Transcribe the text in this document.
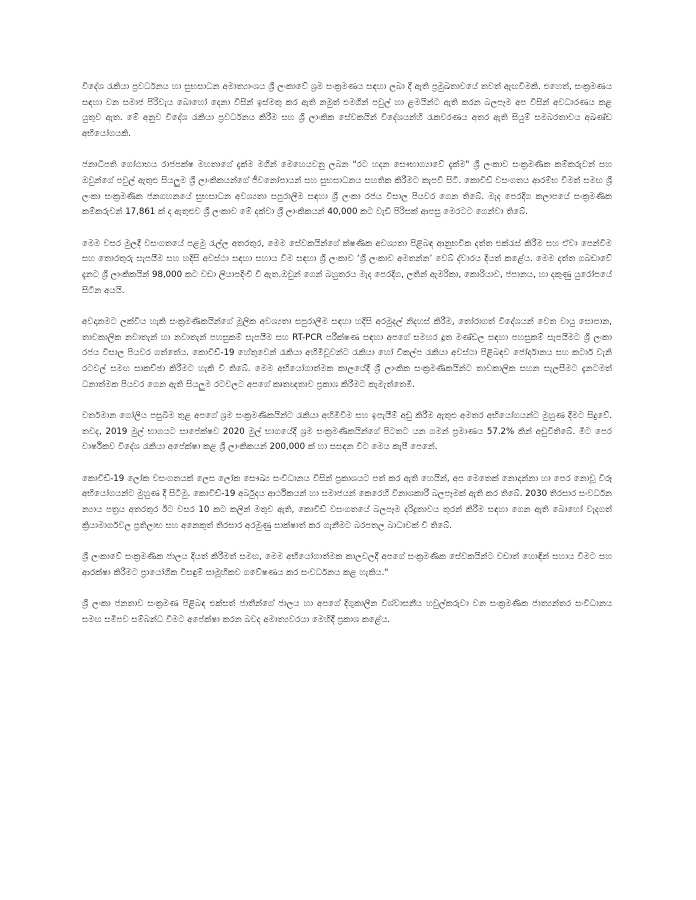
විදේශ රැකියා ප්‍රවර්ධනය හා සුභසාධන අමාත්‍යාංශය ශ්‍රී ලංකාවේ ශ්‍රම සංක්‍රමණය සඳහා ලබා දී ඇති ප්‍රමුඛතාවයේ තවත් ඇඟවීමකි. එහෙත්, සංක්‍රමණය සඳහා වන සමාජ පිරිවැය බොහෝ දෙනා විසින් ඉස්මතු කර ඇති නමුත් එමගින් පවුල් හා ළමයින්ට ඇති කරන බලපෑම අප විසින් අවධාරණය කළ යුතුව ඇත. මේ අනුව විදේශ රැකියා ප්‍රවර්ධනය කිරීම සහ ශ්‍රී ලාංකික සේවකයින් විදේශයන්හි රැකවරණය අතර ඇති සියුම් සමබරතාවය අඛණ්ඩ අභියෝගයකි.

ජනාධිපති ගෝඨාභය රාජපක්ෂ මහතාගේ දැක්ම මගින් මෙහෙයවනු ලබන "රට හදන සෞභාග්‍යාවේ දැක්ම" ශ්‍රී ලංකාව සංක්‍රමණික කම්කරුවන් සහ ඔවුන්ගේ පවුල් ඇතුළු සියලුම ශ්‍රී ලාංකිකයන්ගේ ජීවනෝපායන් සහ සුභසාධනය සහතික කිරීමට කැපවී සිටී. කොවිඩ් වසංගතය ආරම්භ වීමත් සමඟ ශ්‍රී ලංකා සංක්‍රමණික ජනගහනයේ සුභසාධන අවශ්‍යතා සපුරාලීම සඳහා ශ්‍රී ලංකා රජය විසාල පියවර ගෙන තිබේ. මැද පෙරදිග කලාපයේ සංක්‍රමණික කම්කරුවන් 17,861 ක් ද ඇතුළුව ශ්‍රී ලංකාව මේ දක්වා ශ්‍රී ලාංකිකයන් 40,000 කට වැඩි පිරිසක් ආපසු මෙරටට ගෙන්වා තිබේ.

මෙම වසර මුලදී වසංගතයේ පළමු රැල්ල අතරතුර, මෙම සේවකයින්ගේ ක්ෂණික අවශ්‍යතා පිළිබඳ ආනුභවික දත්ත එක්රැස් කිරීම සහ ඒවා පෙන්වීම සහ තොරතුරු සැපයීම සහ හදිසි අවස්ථා සඳහා සහාය වීම සඳහා ශ්‍රී ලංකාව ‘ශ්‍රී ලංකාව අමතන්න’ වෙබ් ද්වාරය දියත් කළේය. මෙම දත්ත ගබඩාවේ දැනට ශ්‍රී ලාංකිකයින් 98,000 කට වඩා ලියාපදිංචි වී ඇත.ඔවුන් ගෙන් බහුතරය මැද පෙරදිග, ලතින් ඇමරිකා, කොරියාව, ජපානය, හා දකුණු යුරෝපයේ සිටින අයයි.

අවදානමට ලක්විය හැකි සංක්‍රමණිකයින්ගේ මූලික අවශ්‍යතා සපුරාලීම සඳහා හදිසි අරමුදල් නිදහස් කිරීම, තෝරාගත් විදේශයන් වෙත වායු සොපාන, තාවකාලික නවාතැන් හා නවාතැන් පහසුකම් සැපයීම සහ RT-PCR පරීක්ෂණ සඳහා අපගේ සමහර දූත මණ්ඩල සඳහා පහසුකම් සැපයීමට ශ්‍රී ලංකා රජය විසාල පියවර ගත්තේය. කොවිඩ්-19 හේතුවෙන් රැකියා අහිමිවූවන්ට රැකියා හෝ විකල්ප රැකියා අවස්ථා පිළිබඳව ජෝර්දානය සහ කටාර් වැනි රටවල් සමඟ සාකච්ඡා කිරීමට හැකි වී තිබේ. මෙම අභියෝගාත්මක කාලයේදී ශ්‍රී ලාංකික සංක්‍රමණිකයින්ට තාවකාලික සහන සැලසීමට දැනටමත් ධනාත්මක පියවර ගෙන ඇති සියලුම රටවලට අපගේ කෘතඥතාව ප්‍රකාශ කිරීමට කැමැත්තෙමි.

වර්තමාන ගෝලීය පසුබිම තුළ අපගේ ශ්‍රම සංක්‍රමණිකයින්ට රැකියා අහිමිවීම සහ ඉපැයීම් අඩු කිරීම ඇතුළු අමතර අභියෝගයන්ට මුහුණ දීමට සිදුවේ. තවද, 2019 මුල් භාගයට සාපේක්ෂව 2020 මුල් භාගයේදී ශ්‍රම සංක්‍රමණිකයින්ගේ පිටතට යන ගමන් ප්‍රමාණය 57.2% කින් අඩුවීතිබේ. මීට පෙර වාර්ෂිකව විදේශ රැකියා අපේක්ෂා කළ ශ්‍රී ලාංකිකයන් 200,000 ක් හා සසඳන විට මෙය කැපී පෙනේ.

කොවිඩ්-19 ලෝක වසංගතයක් ලෙස ලෝක සෞඛ්‍ය සංවිධානය විසින් ප්‍රකාශයට පත් කර ඇති හෙයින්, අප මෙතෙක් නොදන්නා හා පෙර නොවූ විරූ අභියෝගයන්ට මුහුණ දී සිටිමු. කොවිඩ්-19 අර්බුදය ආර්ථිකයන් හා සමාජයන් කෙරෙහි විනාශකාරී බලපෑමක් ඇති කර තිබේ. 2030 තිරසාර සංවර්ධන න්‍යාය පත්‍රය අතරතුර ඊට වසර 10 කට කලින් මතුව ඇති, කොවිඩ් වසංගතයේ බලපෑම දරිද්‍රතාවය තුරන් කිරීම සඳහා ගෙන ඇති බොහෝ වැදගත් ක්‍රියාමාර්ගවල ප්‍රතිලාභ සහ අනෙකුත් තිරසාර අරමුණු සාක්ෂාත් කර ගැනීමට බරපතල බාධාවක් වී තිබේ.

ශ්‍රී ලංකාවේ සංක්‍රමණික ජාලය දියත් කිරීමත් සමඟ, මෙම අභියෝගාත්මක කාලවලදී අපගේ සංක්‍රමණික සේවකයින්ට වඩාත් හොඳින් සහාය වීමට සහ ආරක්ෂා කිරීමට ප්‍රායෝගික විසඳුම් සාමූහිකව ගවේෂණය කර සංවර්ධනය කළ හැකිය."

ශ්‍රී ලංකා ජනතාව සංක්‍රමණ පිළිබඳ එක්සත් ජාතීන්ගේ ජාලය හා අපගේ දිගුකාලීන විශ්වාසනීය හවුල්කරුවා වන සංක්‍රමණික ජාත්‍යන්තර සංවිධානය සමඟ සමීපව සම්බන්ධ වීමට අපේක්ෂා කරන බවද අමාත්‍යවරයා මෙහිදී ප්‍රකාශ කළේය.
